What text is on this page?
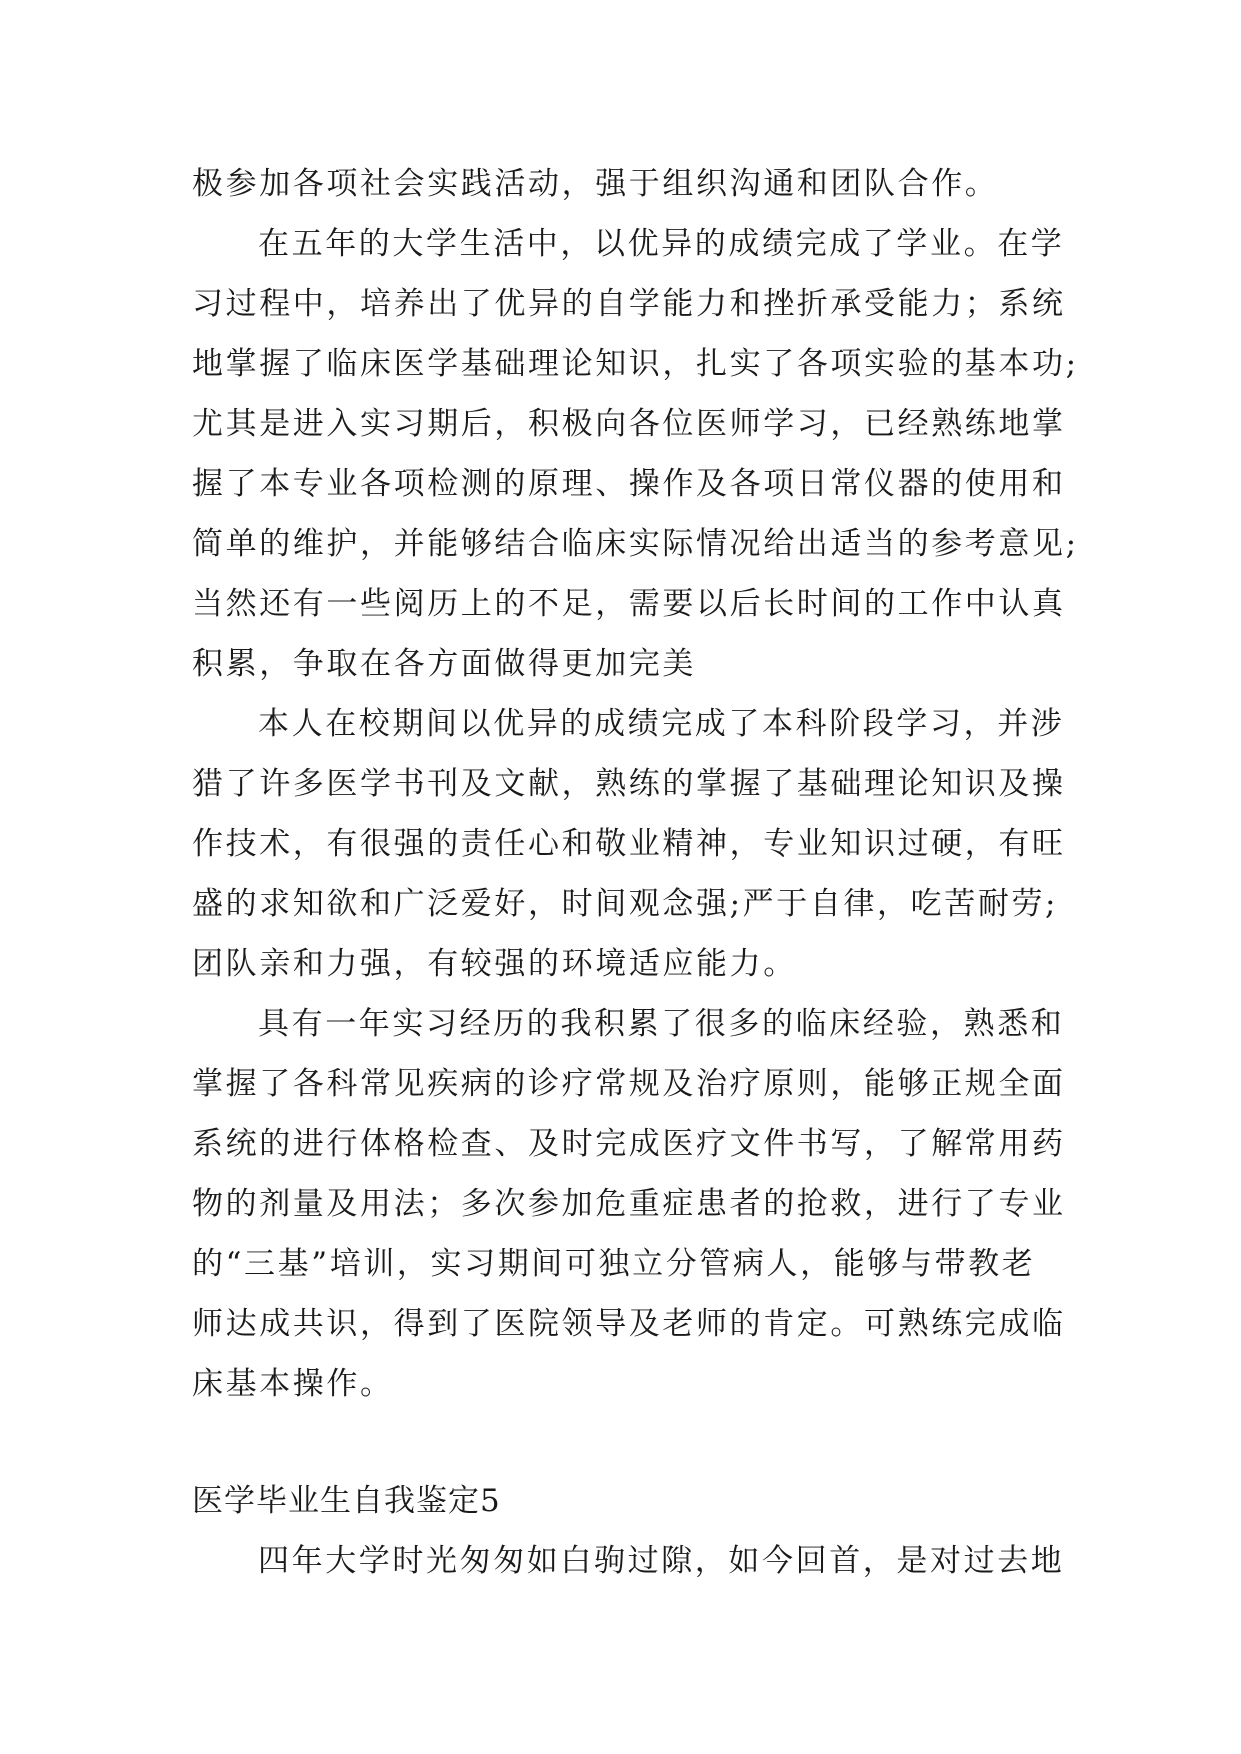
极参加各项社会实践活动，强于组织沟通和团队合作。
在五年的大学生活中，以优异的成绩完成了学业。在学
习过程中，培养出了优异的自学能力和挫折承受能力；系统
地掌握了临床医学基础理论知识，扎实了各项实验的基本功;
尤其是进入实习期后，积极向各位医师学习，已经熟练地掌
握了本专业各项检测的原理、操作及各项日常仪器的使用和
简单的维护，并能够结合临床实际情况给出适当的参考意见;
当然还有一些阅历上的不足，需要以后长时间的工作中认真
积累，争取在各方面做得更加完美
本人在校期间以优异的成绩完成了本科阶段学习，并涉
猎了许多医学书刊及文献，熟练的掌握了基础理论知识及操
作技术，有很强的责任心和敬业精神，专业知识过硬，有旺
盛的求知欲和广泛爱好，时间观念强;严于自律，吃苦耐劳;
团队亲和力强，有较强的环境适应能力。
具有一年实习经历的我积累了很多的临床经验，熟悉和
掌握了各科常见疾病的诊疗常规及治疗原则，能够正规全面
系统的进行体格检查、及时完成医疗文件书写，了解常用药
物的剂量及用法；多次参加危重症患者的抢救，进行了专业
的“三基”培训，实习期间可独立分管病人，能够与带教老
师达成共识，得到了医院领导及老师的肯定。可熟练完成临
床基本操作。
医学毕业生自我鉴定5
四年大学时光匆匆如白驹过隙，如今回首，是对过去地
